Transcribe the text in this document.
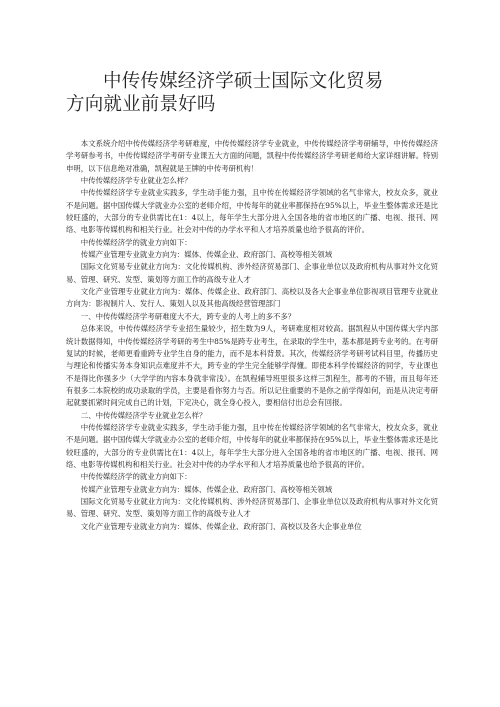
中传传媒经济学硕士国际文化贸易
方向就业前景好吗

本文系统介绍中传传媒经济学考研难度，中传传媒经济学专业就业，中传传媒经济学考研辅导，中传传媒经济学考研参考书，中传传媒经济学考研专业课五大方面的问题，凯程中传传媒经济学考研老师给大家详细讲解。特别申明，以下信息绝对准确，凯程就是王牌的中传考研机构！

中传传媒经济学专业就业怎么样？

中传传媒经济学专业就业实践多，学生动手能力强，且中传在传媒经济学领域的名气非常大，校友众多，就业不是问题。据中国传媒大学就业办公室的老师介绍，中传每年的就业率都保持在95%以上，毕业生整体需求还是比较旺盛的，大部分的专业供需比在1：4以上，每年学生大部分进入全国各地的省市地区的广播、电视、报刊、网络、电影等传媒机构和相关行业。社会对中传的办学水平和人才培养质量也给予很高的评价。

中传传媒经济学的就业方向如下：

传媒产业管理专业就业方向为：媒体、传媒企业、政府部门、高校等相关领域

国际文化贸易专业就业方向为：文化传媒机构、涉外经济贸易部门、企事业单位以及政府机构从事对外文化贸易、管理、研究、发型、策划等方面工作的高级专业人才

文化产业管理专业就业方向为：媒体、传媒企业、政府部门、高校以及各大企事业单位影视项目管理专业就业方向为：影视制片人、发行人、策划人以及其他高级经营管理部门

一、中传传媒经济学考研难度大不大，跨专业的人考上的多不多？

总体来说，中传传媒经济学专业招生量较少，招生数为9人，考研难度相对较高。据凯程从中国传媒大学内部统计数据得知，中传传媒经济学考研的考生中85%是跨专业考生，在录取的学生中，基本都是跨专业考的。在考研复试的时候，老师更看重跨专业学生自身的能力，而不是本科背景。其次，传媒经济学考研考试科目里，传播历史与理论和传播实务本身知识点难度并不大，跨专业的学生完全能够学得懂。即使本科学传媒经济的同学，专业课也不是得比你强多少（大学学的内容本身就非常浅）。在凯程辅导班里很多这样三凯程生，都考的不错，而且每年还有很多二本院校的成功录取的学员，主要是看你努力与否。所以记住重要的不是你之前学得如何，而是从决定考研起就要抓紧时间完成自己的计划，下定决心，就全身心投入，要相信付出总会有回报。

二、中传传媒经济学专业就业怎么样？

中传传媒经济学专业就业实践多，学生动手能力强，且中传在传媒经济学领域的名气非常大，校友众多，就业不是问题。据中国传媒大学就业办公室的老师介绍，中传每年的就业率都保持在95%以上，毕业生整体需求还是比较旺盛的，大部分的专业供需比在1：4以上，每年学生大部分进入全国各地的省市地区的广播、电视、报刊、网络、电影等传媒机构和相关行业。社会对中传的办学水平和人才培养质量也给予很高的评价。

中传传媒经济学的就业方向如下：

传媒产业管理专业就业方向为：媒体、传媒企业、政府部门、高校等相关领域

国际文化贸易专业就业方向为：文化传媒机构、涉外经济贸易部门、企事业单位以及政府机构从事对外文化贸易、管理、研究、发型、策划等方面工作的高级专业人才

文化产业管理专业就业方向为：媒体、传媒企业、政府部门、高校以及各大企事业单位
